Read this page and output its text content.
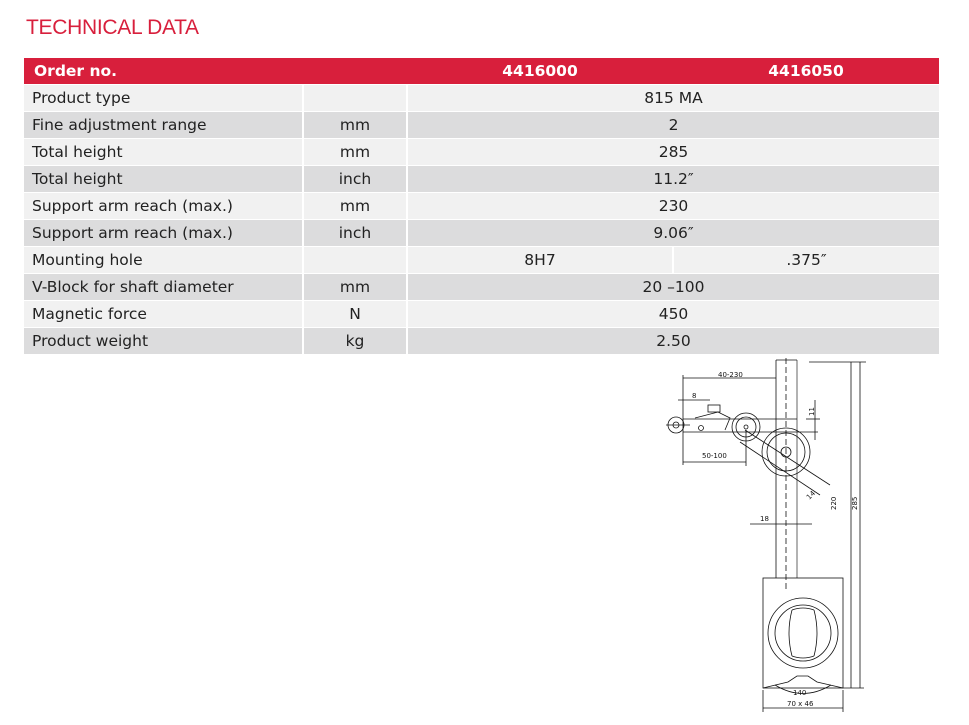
TECHNICAL DATA
Order no.		4416000	4416050
Product type		815 MA	
Fine adjustment range	mm	2	
Total height	mm	285	
Total height	inch	11.2″	
Support arm reach (max.)	mm	230	
Support arm reach (max.)	inch	9.06″	
Mounting hole		8H7	.375″
V-Block for shaft diameter	mm	20 –100	
Magnetic force	N	450	
Product weight	kg	2.50	
40-230
8
11
50-100
14
18
220 285
140
70 x 46
